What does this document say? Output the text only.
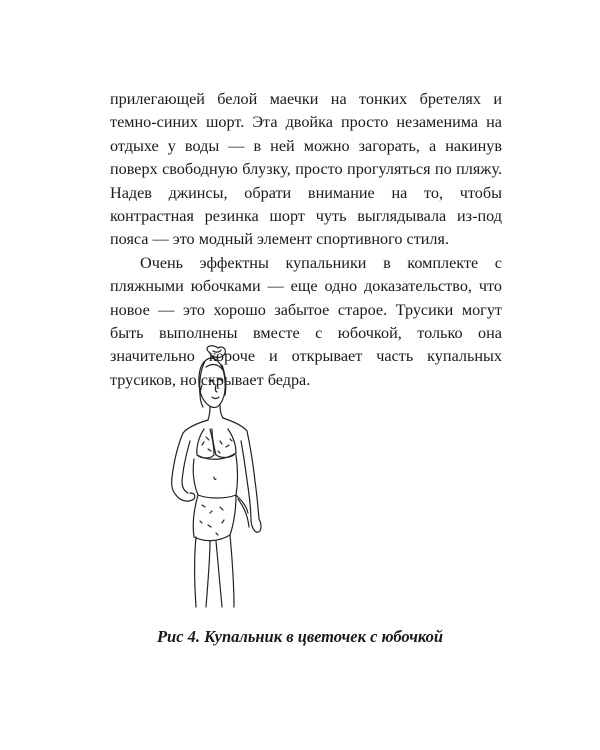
прилегающей белой маечки на тонких бретелях и темно-синих шорт. Эта двойка просто незаменима на отдыхе у воды — в ней можно загорать, а накинув поверх свободную блузку, просто прогуляться по пляжу. Надев джинсы, обрати внимание на то, чтобы контрастная резинка шорт чуть выглядывала из-под пояса — это модный элемент спортивного стиля.

Очень эффектны купальники в комплекте с пляжными юбочками — еще одно доказательство, что новое — это хорошо забытое старое. Трусики могут быть выполнены вместе с юбочкой, только она значительно короче и открывает часть купальных трусиков, но скрывает бедра.

Рис 4. Купальник в цветочек с юбочкой
